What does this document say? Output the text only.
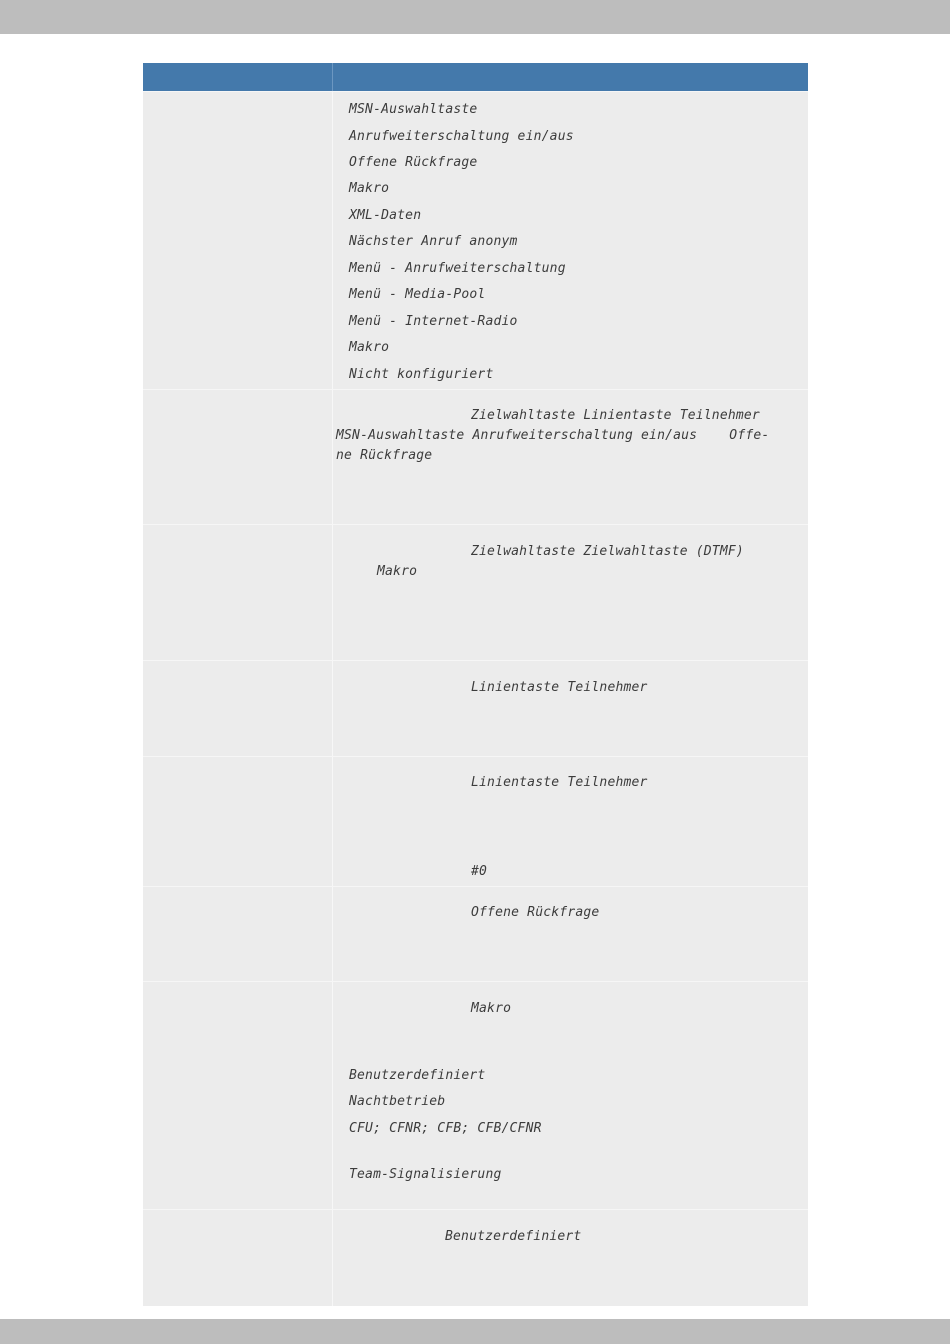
MSN-Auswahltaste
Anrufweiterschaltung ein/aus
Offene Rückfrage
Makro
XML-Daten
Nächster Anruf anonym
Menü - Anrufweiterschaltung
Menü - Media-Pool
Menü - Internet-Radio
Makro
Nicht konfiguriert
Zielwahltaste Linientaste Teilnehmer
MSN-Auswahltaste Anrufweiterschaltung ein/aus    Offe-
ne Rückfrage
Zielwahltaste Zielwahltaste (DTMF)
Makro
Linientaste Teilnehmer
Linientaste Teilnehmer
#0
Offene Rückfrage
Makro
Benutzerdefiniert
Nachtbetrieb
CFU; CFNR; CFB; CFB/CFNR
Team-Signalisierung
Benutzerdefiniert
